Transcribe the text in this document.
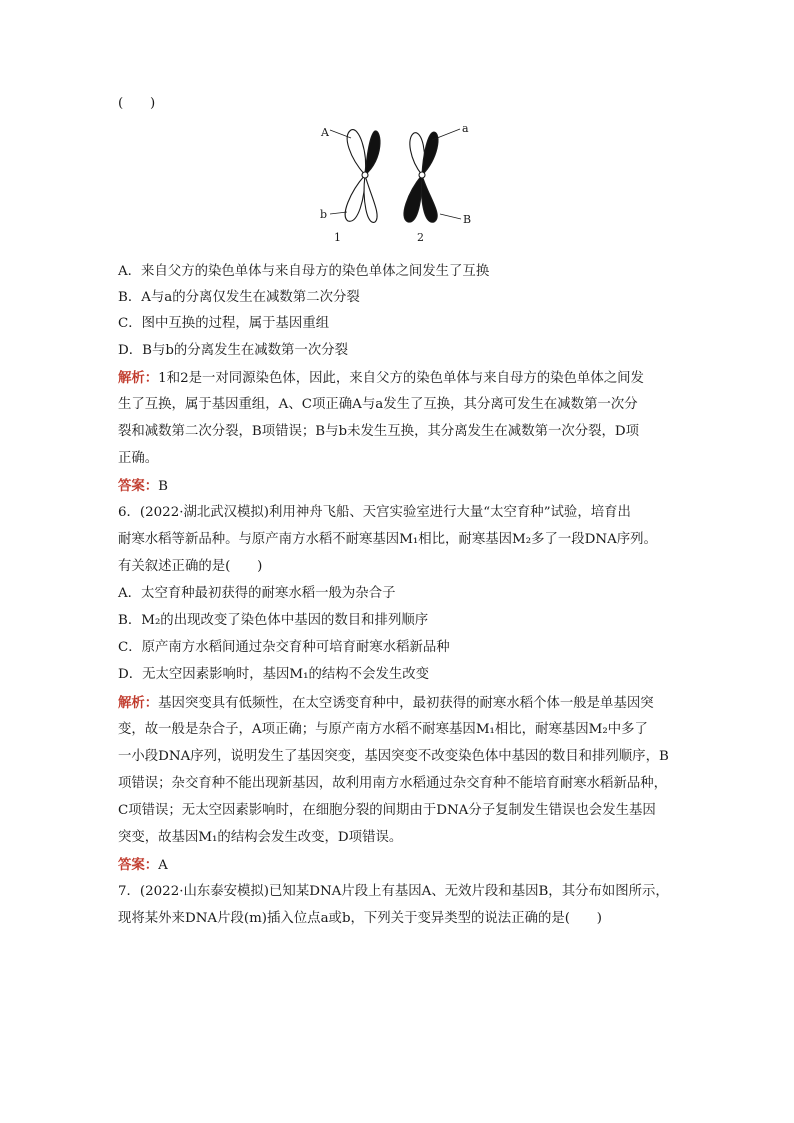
(　　)
A
b
a
B
1	2
A．来自父方的染色单体与来自母方的染色单体之间发生了互换
B．A与a的分离仅发生在减数第二次分裂
C．图中互换的过程，属于基因重组
D．B与b的分离发生在减数第一次分裂
解析：1和2是一对同源染色体，因此，来自父方的染色单体与来自母方的染色单体之间发
生了互换，属于基因重组，A、C项正确A与a发生了互换，其分离可发生在减数第一次分
裂和减数第二次分裂，B项错误；B与b未发生互换，其分离发生在减数第一次分裂，D项
正确。
答案：B
6．(2022·湖北武汉模拟)利用神舟飞船、天宫实验室进行大量“太空育种”试验，培育出
耐寒水稻等新品种。与原产南方水稻不耐寒基因M₁相比，耐寒基因M₂多了一段DNA序列。
有关叙述正确的是(　　)
A．太空育种最初获得的耐寒水稻一般为杂合子
B．M₂的出现改变了染色体中基因的数目和排列顺序
C．原产南方水稻间通过杂交育种可培育耐寒水稻新品种
D．无太空因素影响时，基因M₁的结构不会发生改变
解析：基因突变具有低频性，在太空诱变育种中，最初获得的耐寒水稻个体一般是单基因突
变，故一般是杂合子，A项正确；与原产南方水稻不耐寒基因M₁相比，耐寒基因M₂中多了
一小段DNA序列，说明发生了基因突变，基因突变不改变染色体中基因的数目和排列顺序，B
项错误；杂交育种不能出现新基因，故利用南方水稻通过杂交育种不能培育耐寒水稻新品种，
C项错误；无太空因素影响时，在细胞分裂的间期由于DNA分子复制发生错误也会发生基因
突变，故基因M₁的结构会发生改变，D项错误。
答案：A
7．(2022·山东泰安模拟)已知某DNA片段上有基因A、无效片段和基因B，其分布如图所示，
现将某外来DNA片段(m)插入位点a或b，下列关于变异类型的说法正确的是(　　)
